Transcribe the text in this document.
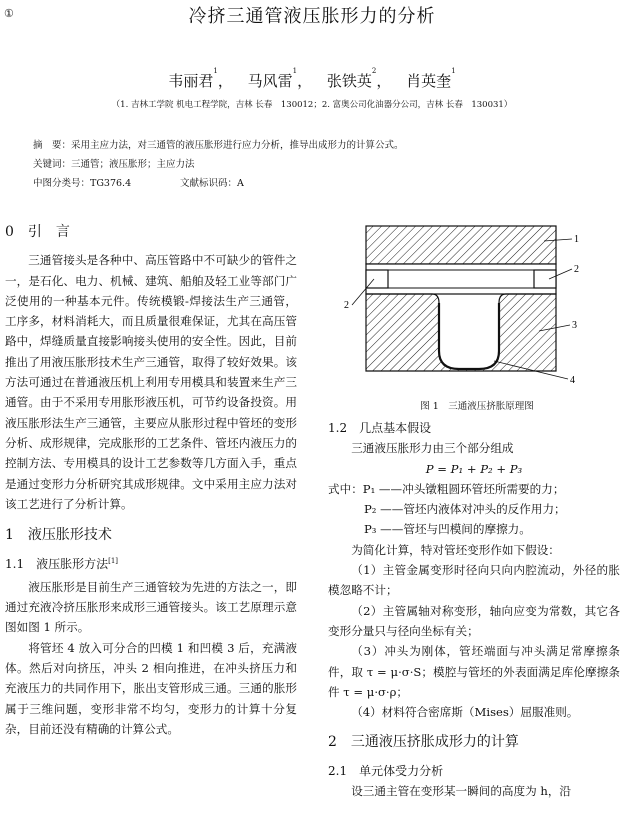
①	冷挤三通管液压胀形力的分析
韦丽君$^1$， 马风雷$^1$， 张铁英$^2$， 肖英奎$^1$
（1. 吉林工学院 机电工程学院，吉林 长春　130012；2. 富奥公司化油器分公司，吉林 长春　130031）
摘　要：采用主应力法，对三通管的液压胀形进行应力分析，推导出成形力的计算公式。
关键词：三通管；液压胀形；主应力法
中图分类号：TG376.4	文献标识码：A
0　引　言

三通管接头是各种中、高压管路中不可缺少的管件之一，是石化、电力、机械、建筑、船舶及轻工业等部门广泛使用的一种基本元件。传统模锻-焊接法生产三通管，工序多，材料消耗大，而且质量很难保证，尤其在高压管路中，焊缝质量直接影响接头使用的安全性。因此，目前推出了用液压胀形技术生产三通管，取得了较好效果。该方法可通过在普通液压机上利用专用模具和装置来生产三通管。由于不采用专用胀形液压机，可节约设备投资。用液压胀形法生产三通管，主要应从胀形过程中管坯的变形分析、成形规律，完成胀形的工艺条件、管坯内液压力的控制方法、专用模具的设计工艺参数等几方面入手，重点是通过变形力分析研究其成形规律。文中采用主应力法对该工艺进行了分析计算。

1　液压胀形技术
1.1　液压胀形方法[1]

液压胀形是目前生产三通管较为先进的方法之一，即通过充液冷挤压胀形来成形三通管接头。该工艺原理示意图如图 1 所示。

将管坯 4 放入可分合的凹模 1 和凹模 3 后，充满液体。然后对向挤压，冲头 2 相向推进，在冲头挤压力和充液压力的共同作用下，胀出支管形成三通。三通的胀形属于三维问题，变形非常不均匀，变形力的计算十分复杂，目前还没有精确的计算公式。

1
2
2
3
4
图 1　三通液压挤胀原理图
1.2　几点基本假设

三通液压胀形力由三个部分组成

P = P₁ + P₂ + P₃

式中：P₁ ——冲头镦粗圆环管坯所需要的力；

P₂ ——管坯内液体对冲头的反作用力；

P₃ ——管坯与凹模间的摩擦力。

为简化计算，特对管坯变形作如下假设：

（1）主管金属变形时径向只向内腔流动，外径的胀模忽略不计；

（2）主管属轴对称变形，轴向应变为常数，其它各变形分量只与径向坐标有关；

（3）冲头为刚体，管坯端面与冲头满足常摩擦条件，取 τ = μ·σ·S；模腔与管坯的外表面满足库伦摩擦条件 τ = μ·σ·ρ；

（4）材料符合密席斯（Mises）屈服准则。

2　三通液压挤胀成形力的计算
2.1　单元体受力分析

设三通主管在变形某一瞬间的高度为 h，沿
